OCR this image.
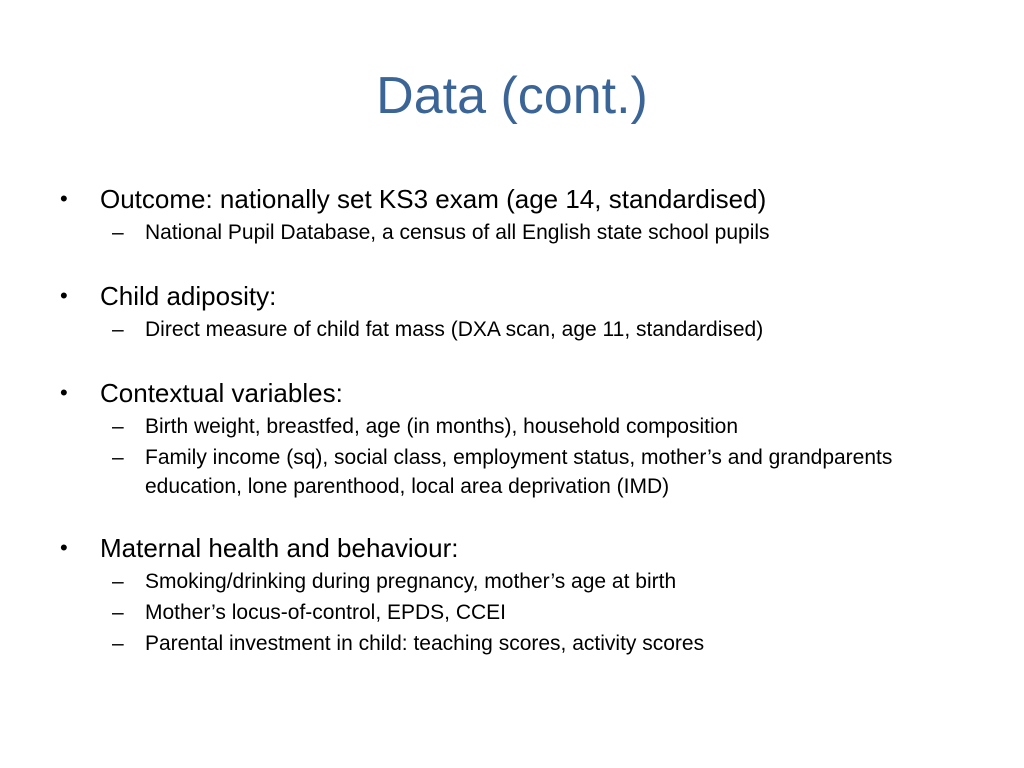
Data (cont.)

•	Outcome: nationally set KS3 exam (age 14, standardised)

– National Pupil Database, a census of all English state school pupils

•	Child adiposity:

– Direct measure of child fat mass (DXA scan, age 11, standardised)

•	Contextual variables:

– Birth weight, breastfed, age (in months), household composition

– Family income (sq), social class, employment status, mother’s and grandparents education, lone parenthood, local area deprivation (IMD)

•	Maternal health and behaviour:

– Smoking/drinking during pregnancy, mother’s age at birth

– Mother’s locus-of-control, EPDS, CCEI

– Parental investment in child: teaching scores, activity scores
